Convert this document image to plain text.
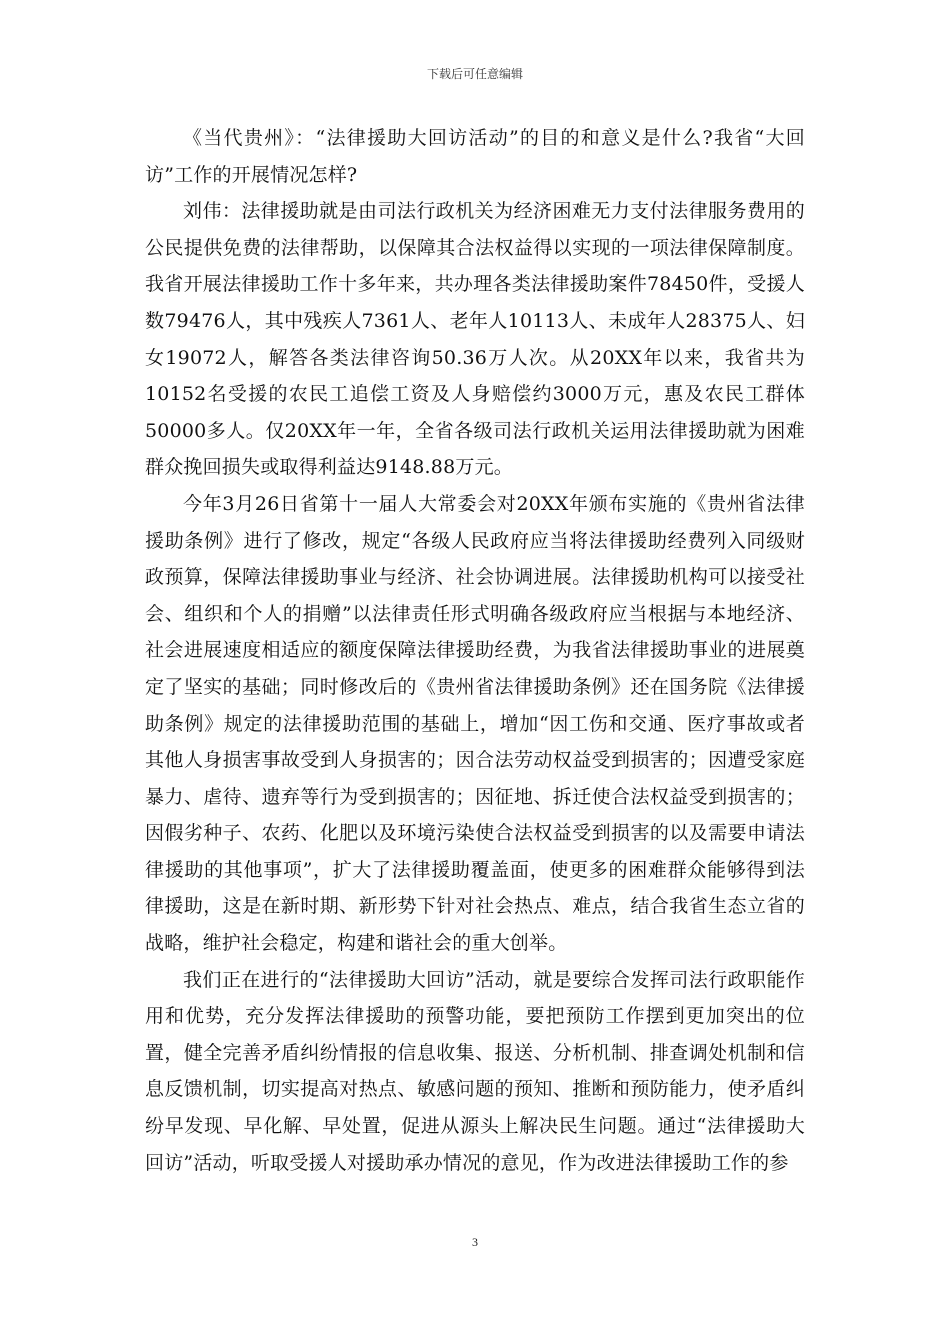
下载后可任意编辑

《当代贵州》：“法律援助大回访活动”的目的和意义是什么?我省“大回访”工作的开展情况怎样?

刘伟：法律援助就是由司法行政机关为经济困难无力支付法律服务费用的公民提供免费的法律帮助，以保障其合法权益得以实现的一项法律保障制度。我省开展法律援助工作十多年来，共办理各类法律援助案件78450件，受援人数79476人，其中残疾人7361人、老年人10113人、未成年人28375人、妇女19072人，解答各类法律咨询50.36万人次。从20XX年以来，我省共为10152名受援的农民工追偿工资及人身赔偿约3000万元，惠及农民工群体50000多人。仅20XX年一年，全省各级司法行政机关运用法律援助就为困难群众挽回损失或取得利益达9148.88万元。

今年3月26日省第十一届人大常委会对20XX年颁布实施的《贵州省法律援助条例》进行了修改，规定“各级人民政府应当将法律援助经费列入同级财政预算，保障法律援助事业与经济、社会协调进展。法律援助机构可以接受社会、组织和个人的捐赠”以法律责任形式明确各级政府应当根据与本地经济、社会进展速度相适应的额度保障法律援助经费，为我省法律援助事业的进展奠定了坚实的基础；同时修改后的《贵州省法律援助条例》还在国务院《法律援助条例》规定的法律援助范围的基础上，增加“因工伤和交通、医疗事故或者其他人身损害事故受到人身损害的；因合法劳动权益受到损害的；因遭受家庭暴力、虐待、遗弃等行为受到损害的；因征地、拆迁使合法权益受到损害的；因假劣种子、农药、化肥以及环境污染使合法权益受到损害的以及需要申请法律援助的其他事项”，扩大了法律援助覆盖面，使更多的困难群众能够得到法律援助，这是在新时期、新形势下针对社会热点、难点，结合我省生态立省的战略，维护社会稳定，构建和谐社会的重大创举。

我们正在进行的“法律援助大回访”活动，就是要综合发挥司法行政职能作用和优势，充分发挥法律援助的预警功能，要把预防工作摆到更加突出的位置，健全完善矛盾纠纷情报的信息收集、报送、分析机制、排查调处机制和信息反馈机制，切实提高对热点、敏感问题的预知、推断和预防能力，使矛盾纠纷早发现、早化解、早处置，促进从源头上解决民生问题。通过“法律援助大回访”活动，听取受援人对援助承办情况的意见，作为改进法律援助工作的参

3
